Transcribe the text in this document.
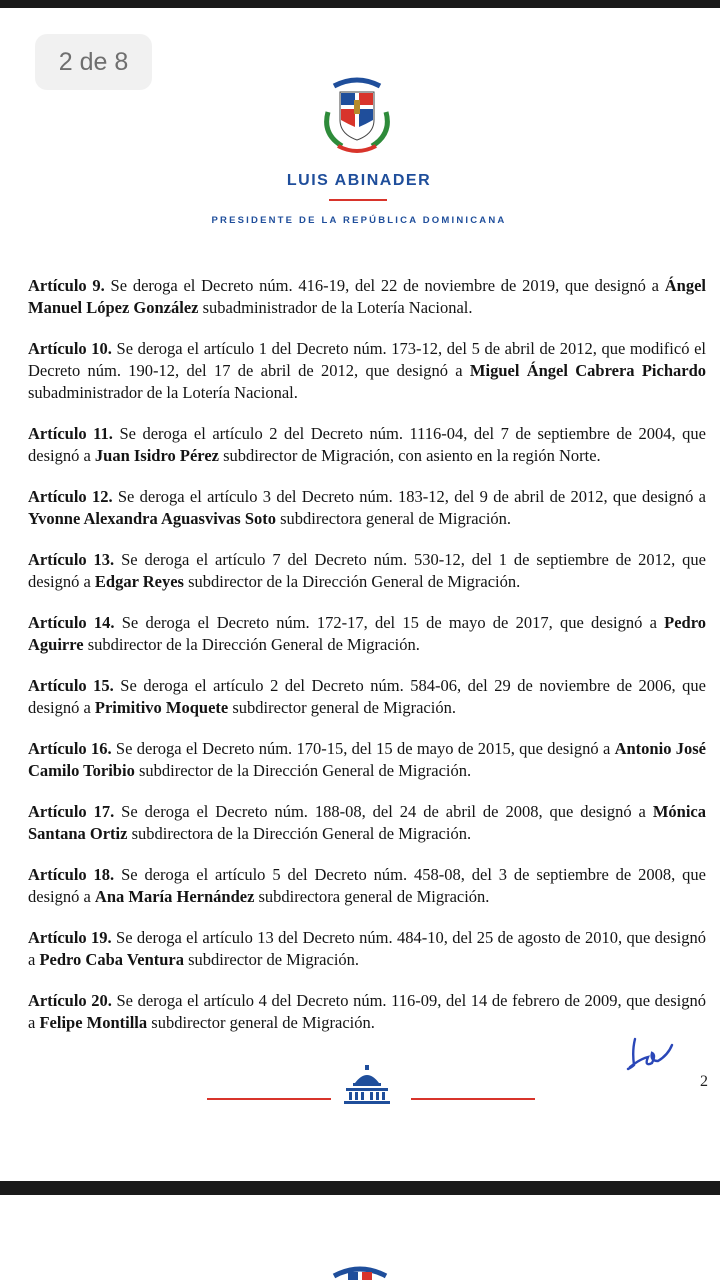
2 de 8
LUIS ABINADER
PRESIDENTE DE LA REPÚBLICA DOMINICANA

Artículo 9. Se deroga el Decreto núm. 416-19, del 22 de noviembre de 2019, que designó a Ángel Manuel López González subadministrador de la Lotería Nacional.

Artículo 10. Se deroga el artículo 1 del Decreto núm. 173-12, del 5 de abril de 2012, que modificó el Decreto núm. 190-12, del 17 de abril de 2012, que designó a Miguel Ángel Cabrera Pichardo subadministrador de la Lotería Nacional.

Artículo 11. Se deroga el artículo 2 del Decreto núm. 1116-04, del 7 de septiembre de 2004, que designó a Juan Isidro Pérez subdirector de Migración, con asiento en la región Norte.

Artículo 12. Se deroga el artículo 3 del Decreto núm. 183-12, del 9 de abril de 2012, que designó a Yvonne Alexandra Aguasvivas Soto subdirectora general de Migración.

Artículo 13. Se deroga el artículo 7 del Decreto núm. 530-12, del 1 de septiembre de 2012, que designó a Edgar Reyes subdirector de la Dirección General de Migración.

Artículo 14. Se deroga el Decreto núm. 172-17, del 15 de mayo de 2017, que designó a Pedro Aguirre subdirector de la Dirección General de Migración.

Artículo 15. Se deroga el artículo 2 del Decreto núm. 584-06, del 29 de noviembre de 2006, que designó a Primitivo Moquete subdirector general de Migración.

Artículo 16. Se deroga el Decreto núm. 170-15, del 15 de mayo de 2015, que designó a Antonio José Camilo Toribio subdirector de la Dirección General de Migración.

Artículo 17. Se deroga el Decreto núm. 188-08, del 24 de abril de 2008, que designó a Mónica Santana Ortiz subdirectora de la Dirección General de Migración.

Artículo 18. Se deroga el artículo 5 del Decreto núm. 458-08, del 3 de septiembre de 2008, que designó a Ana María Hernández subdirectora general de Migración.

Artículo 19. Se deroga el artículo 13 del Decreto núm. 484-10, del 25 de agosto de 2010, que designó a Pedro Caba Ventura subdirector de Migración.

Artículo 20. Se deroga el artículo 4 del Decreto núm. 116-09, del 14 de febrero de 2009, que designó a Felipe Montilla subdirector general de Migración.

2
